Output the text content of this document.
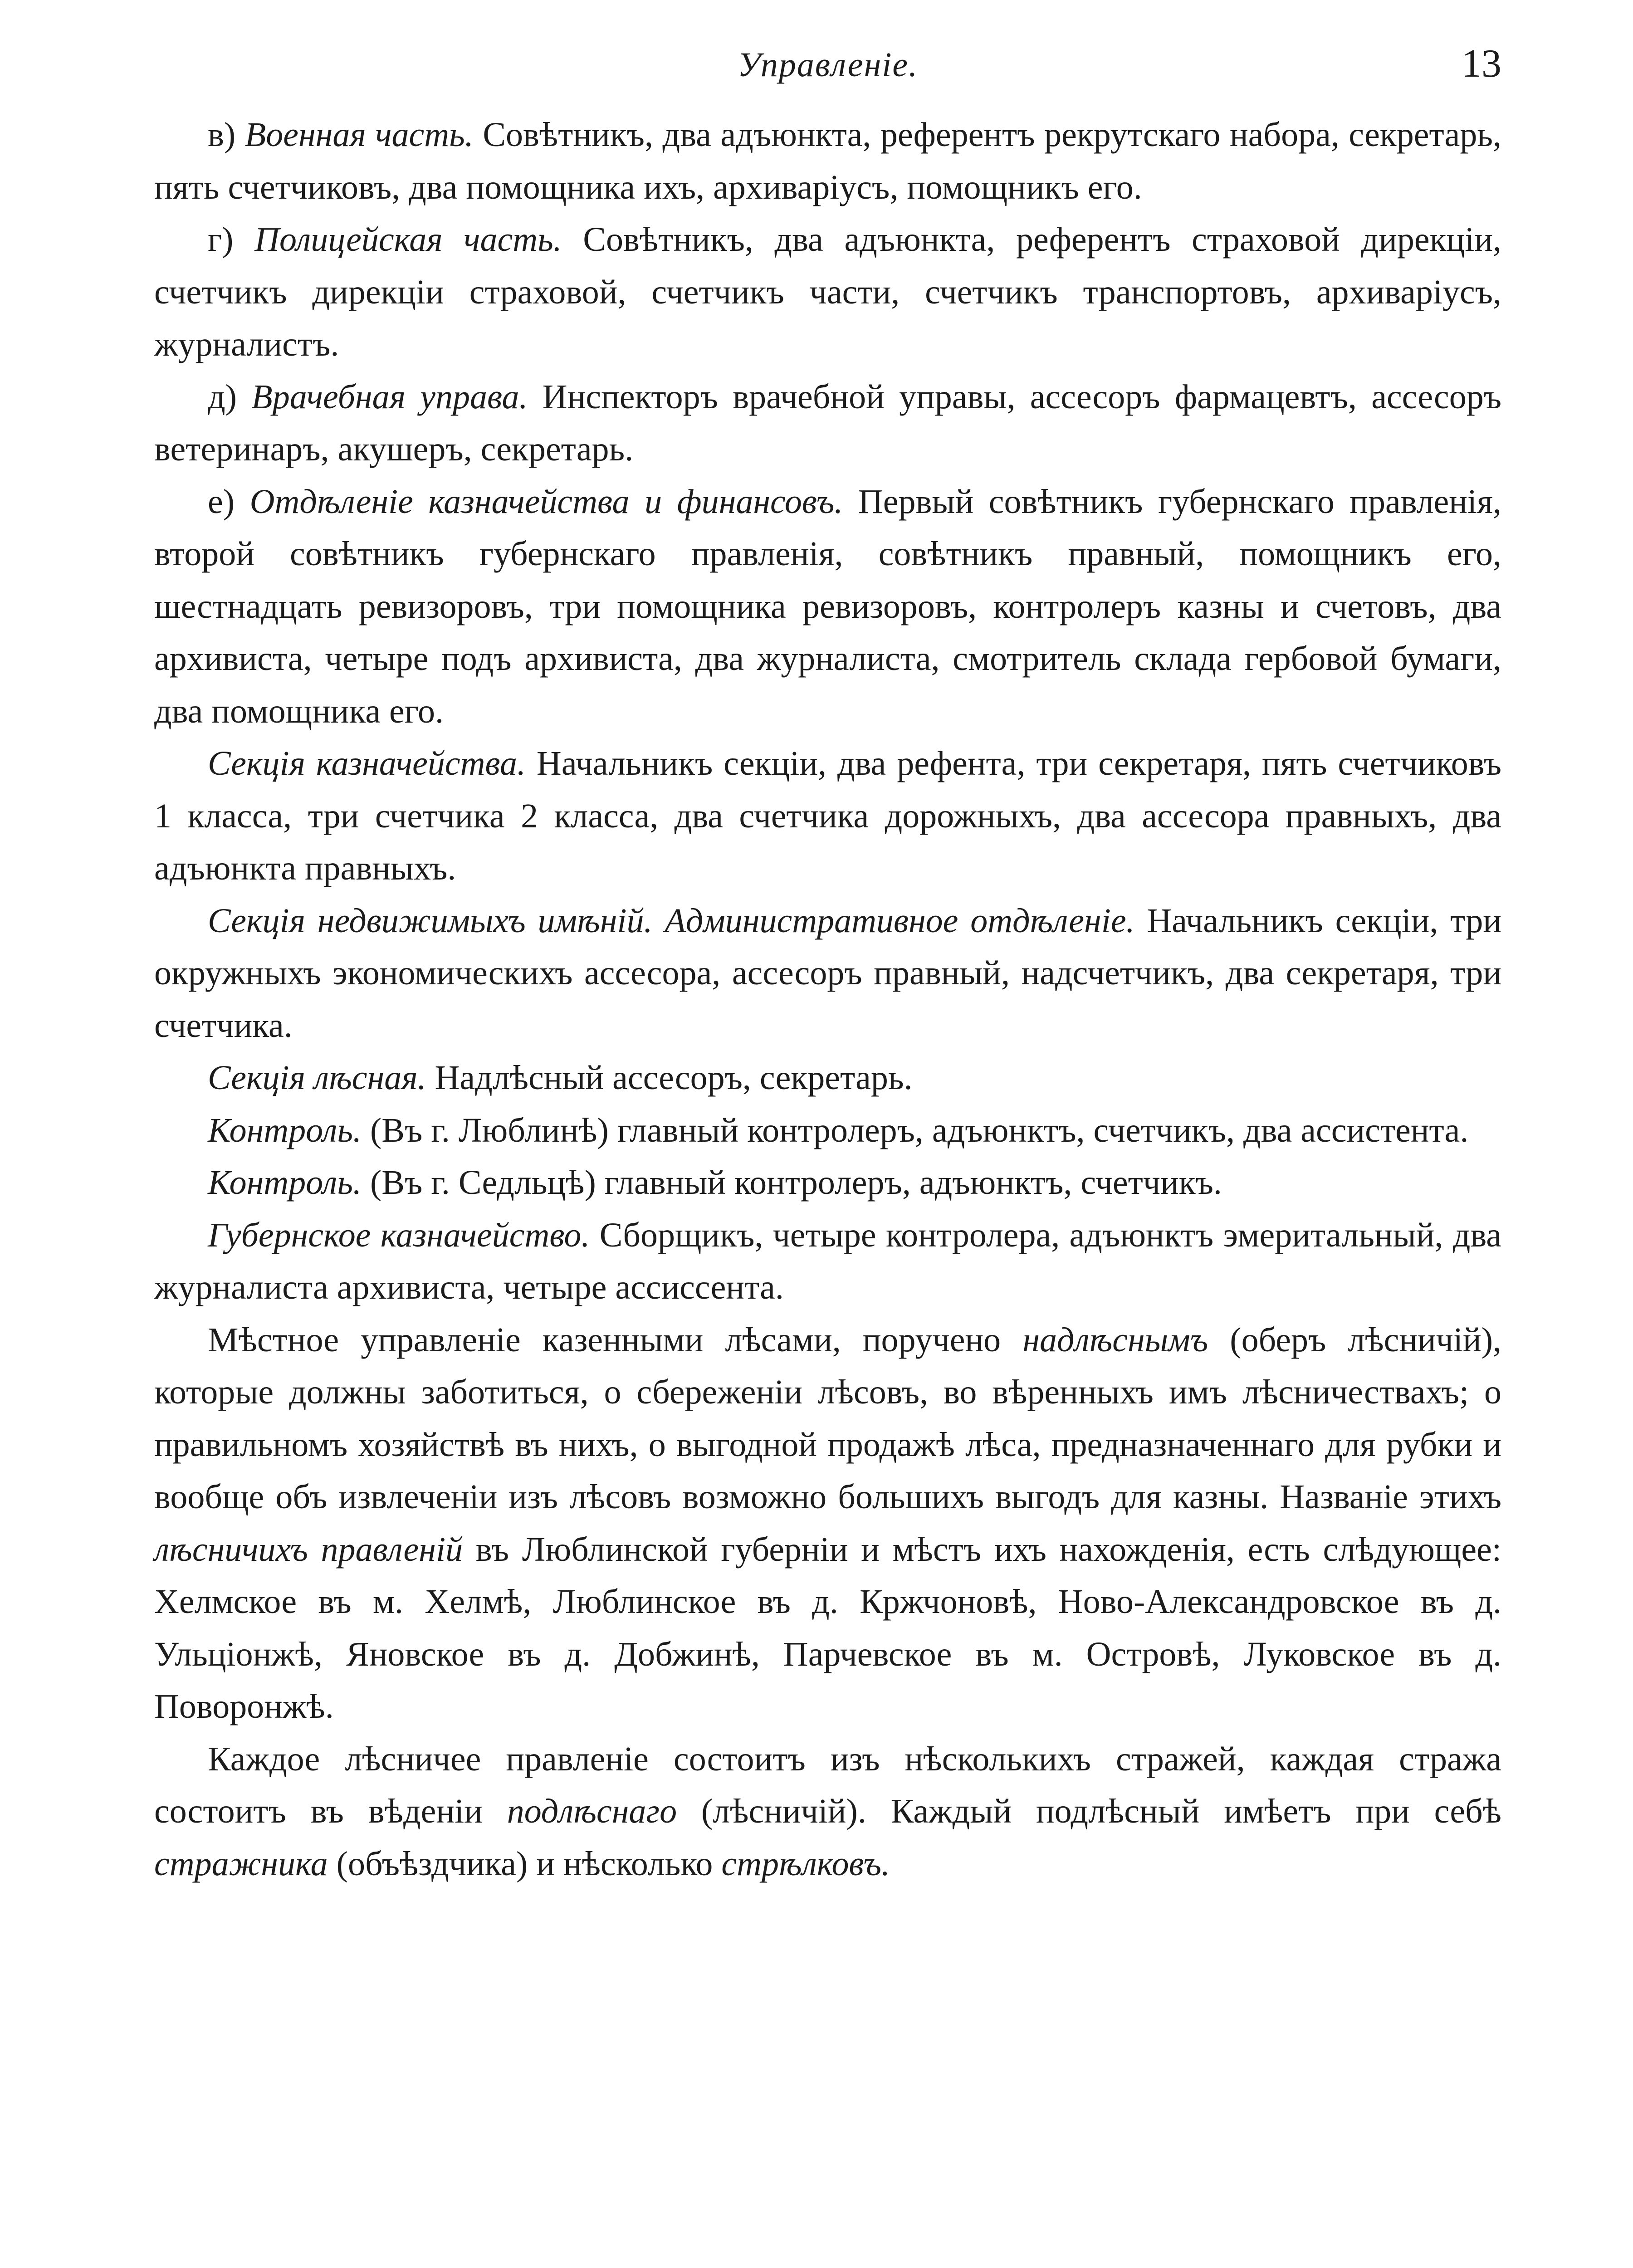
Управленіе.	13

в) Военная часть. Совѣтникъ, два адъюнкта, референтъ рекрутскаго набора, секретарь, пять счетчиковъ, два помощника ихъ, архиваріусъ, помощникъ его.

г) Полицейская часть. Совѣтникъ, два адъюнкта, референтъ страховой дирекціи, счетчикъ дирекціи страховой, счетчикъ части, счетчикъ транспортовъ, архиваріусъ, журналистъ.

д) Врачебная управа. Инспекторъ врачебной управы, ассесоръ фармацевтъ, ассесоръ ветеринаръ, акушеръ, секретарь.

е) Отдѣленіе казначейства и финансовъ. Первый совѣтникъ губернскаго правленія, второй совѣтникъ губернскаго правленія, совѣтникъ правный, помощникъ его, шестнадцать ревизоровъ, три помощника ревизоровъ, контролеръ казны и счетовъ, два архивиста, четыре подъ архивиста, два журналиста, смотритель склада гербовой бумаги, два помощника его.

Секція казначейства. Начальникъ секціи, два рефента, три секретаря, пять счетчиковъ 1 класса, три счетчика 2 класса, два счетчика дорожныхъ, два ассесора правныхъ, два адъюнкта правныхъ.

Секція недвижимыхъ имѣній. Административное отдѣленіе. Начальникъ секціи, три окружныхъ экономическихъ ассесора, ассесоръ правный, надсчетчикъ, два секретаря, три счетчика.

Секція лѣсная. Надлѣсный ассесоръ, секретарь.

Контроль. (Въ г. Люблинѣ) главный контролеръ, адъюнктъ, счетчикъ, два ассистента.

Контроль. (Въ г. Седльцѣ) главный контролеръ, адъюнктъ, счетчикъ.

Губернское казначейство. Сборщикъ, четыре контролера, адъюнктъ эмеритальный, два журналиста архивиста, четыре ассиссента.

Мѣстное управленіе казенными лѣсами, поручено надлѣснымъ (оберъ лѣсничій), которые должны заботиться, о сбереженіи лѣсовъ, во вѣренныхъ имъ лѣсничествахъ; о правильномъ хозяйствѣ въ нихъ, о выгодной продажѣ лѣса, предназначеннаго для рубки и вообще объ извлеченіи изъ лѣсовъ возможно большихъ выгодъ для казны. Названіе этихъ лѣсничихъ правленій въ Люблинской губерніи и мѣстъ ихъ нахожденія, есть слѣдующее: Хелмское въ м. Хелмѣ, Люблинское въ д. Кржчоновѣ, Ново-Александровское въ д. Ульціонжѣ, Яновское въ д. Добжинѣ, Парчевское въ м. Островѣ, Луковское въ д. Поворонжѣ.

Каждое лѣсничее правленіе состоитъ изъ нѣсколькихъ стражей, каждая стража состоитъ въ вѣденіи подлѣснаго (лѣсничій). Каждый подлѣсный имѣетъ при себѣ стражника (объѣздчика) и нѣсколько стрѣлковъ.
